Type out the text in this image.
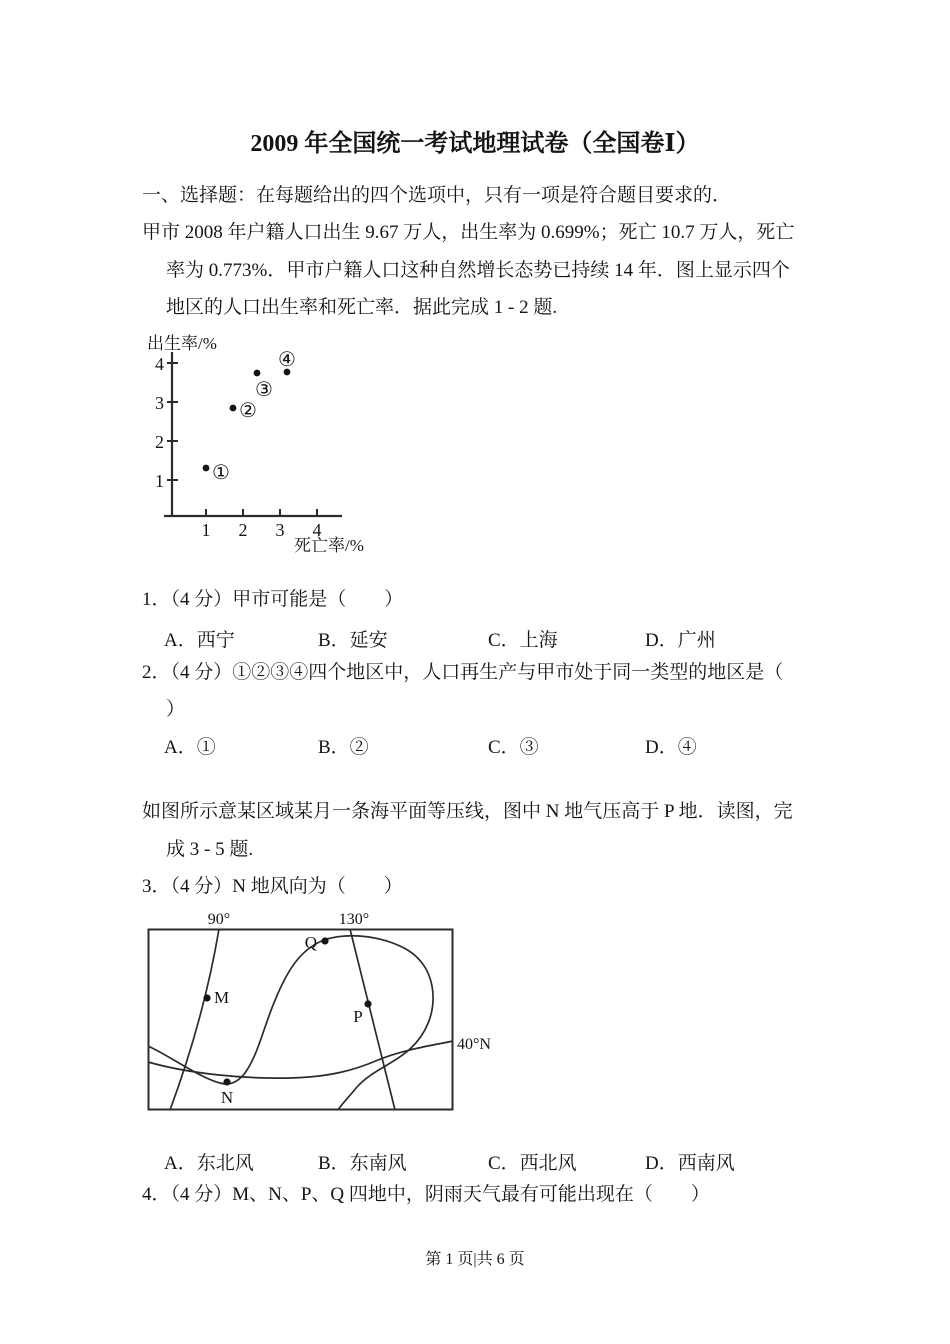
2009 年全国统一考试地理试卷（全国卷Ⅰ）
一、选择题：在每题给出的四个选项中，只有一项是符合题目要求的．
甲市 2008 年户籍人口出生 9.67 万人，出生率为 0.699%；死亡 10.7 万人，死亡
率为 0.773%．甲市户籍人口这种自然增长态势已持续 14 年．图上显示四个
地区的人口出生率和死亡率．据此完成 1 - 2 题.
出生率/%
4
3
2
1
1 2 3 4
死亡率/%
①
②
③
④
1．（4 分）甲市可能是（　　）
A．西宁	B．延安	C．上海	D．广州
2．（4 分）①②③④四个地区中，人口再生产与甲市处于同一类型的地区是（
）
A．①	B．②	C．③	D．④
如图所示意某区域某月一条海平面等压线，图中 N 地气压高于 P 地．读图，完
成 3 - 5 题.
3．（4 分）N 地风向为（　　）
90°	130°
40°N
Q
M
P
N
A．东北风	B．东南风	C．西北风	D．西南风
4．（4 分）M、N、P、Q 四地中，阴雨天气最有可能出现在（　　）
第 1 页|共 6 页
